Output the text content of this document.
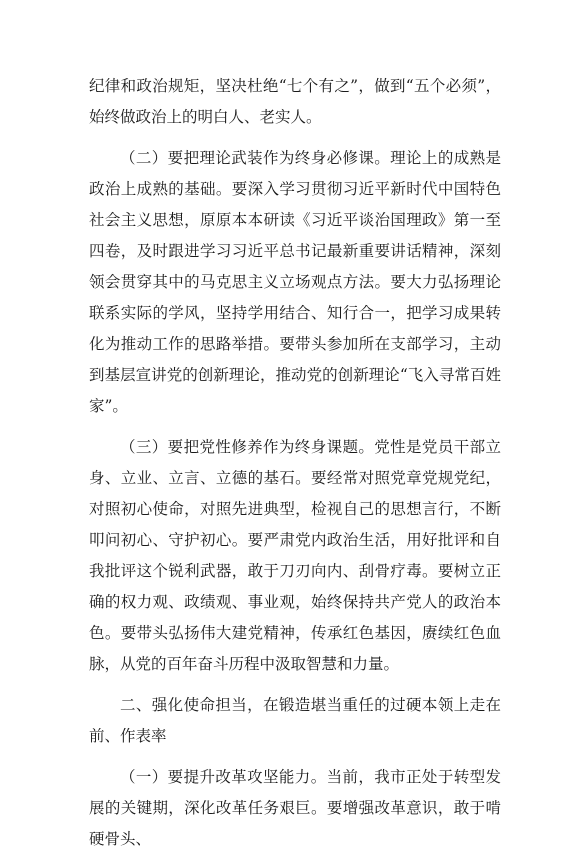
纪律和政治规矩，坚决杜绝“七个有之”，做到“五个必须”，始终做政治上的明白人、老实人。

（二）要把理论武装作为终身必修课。理论上的成熟是政治上成熟的基础。要深入学习贯彻习近平新时代中国特色社会主义思想，原原本本研读《习近平谈治国理政》第一至四卷，及时跟进学习习近平总书记最新重要讲话精神，深刻领会贯穿其中的马克思主义立场观点方法。要大力弘扬理论联系实际的学风，坚持学用结合、知行合一，把学习成果转化为推动工作的思路举措。要带头参加所在支部学习，主动到基层宣讲党的创新理论，推动党的创新理论“飞入寻常百姓家”。

（三）要把党性修养作为终身课题。党性是党员干部立身、立业、立言、立德的基石。要经常对照党章党规党纪，对照初心使命，对照先进典型，检视自己的思想言行，不断叩问初心、守护初心。要严肃党内政治生活，用好批评和自我批评这个锐利武器，敢于刀刃向内、刮骨疗毒。要树立正确的权力观、政绩观、事业观，始终保持共产党人的政治本色。要带头弘扬伟大建党精神，传承红色基因，赓续红色血脉，从党的百年奋斗历程中汲取智慧和力量。

二、强化使命担当，在锻造堪当重任的过硬本领上走在前、作表率

（一）要提升改革攻坚能力。当前，我市正处于转型发展的关键期，深化改革任务艰巨。要增强改革意识，敢于啃硬骨头、
